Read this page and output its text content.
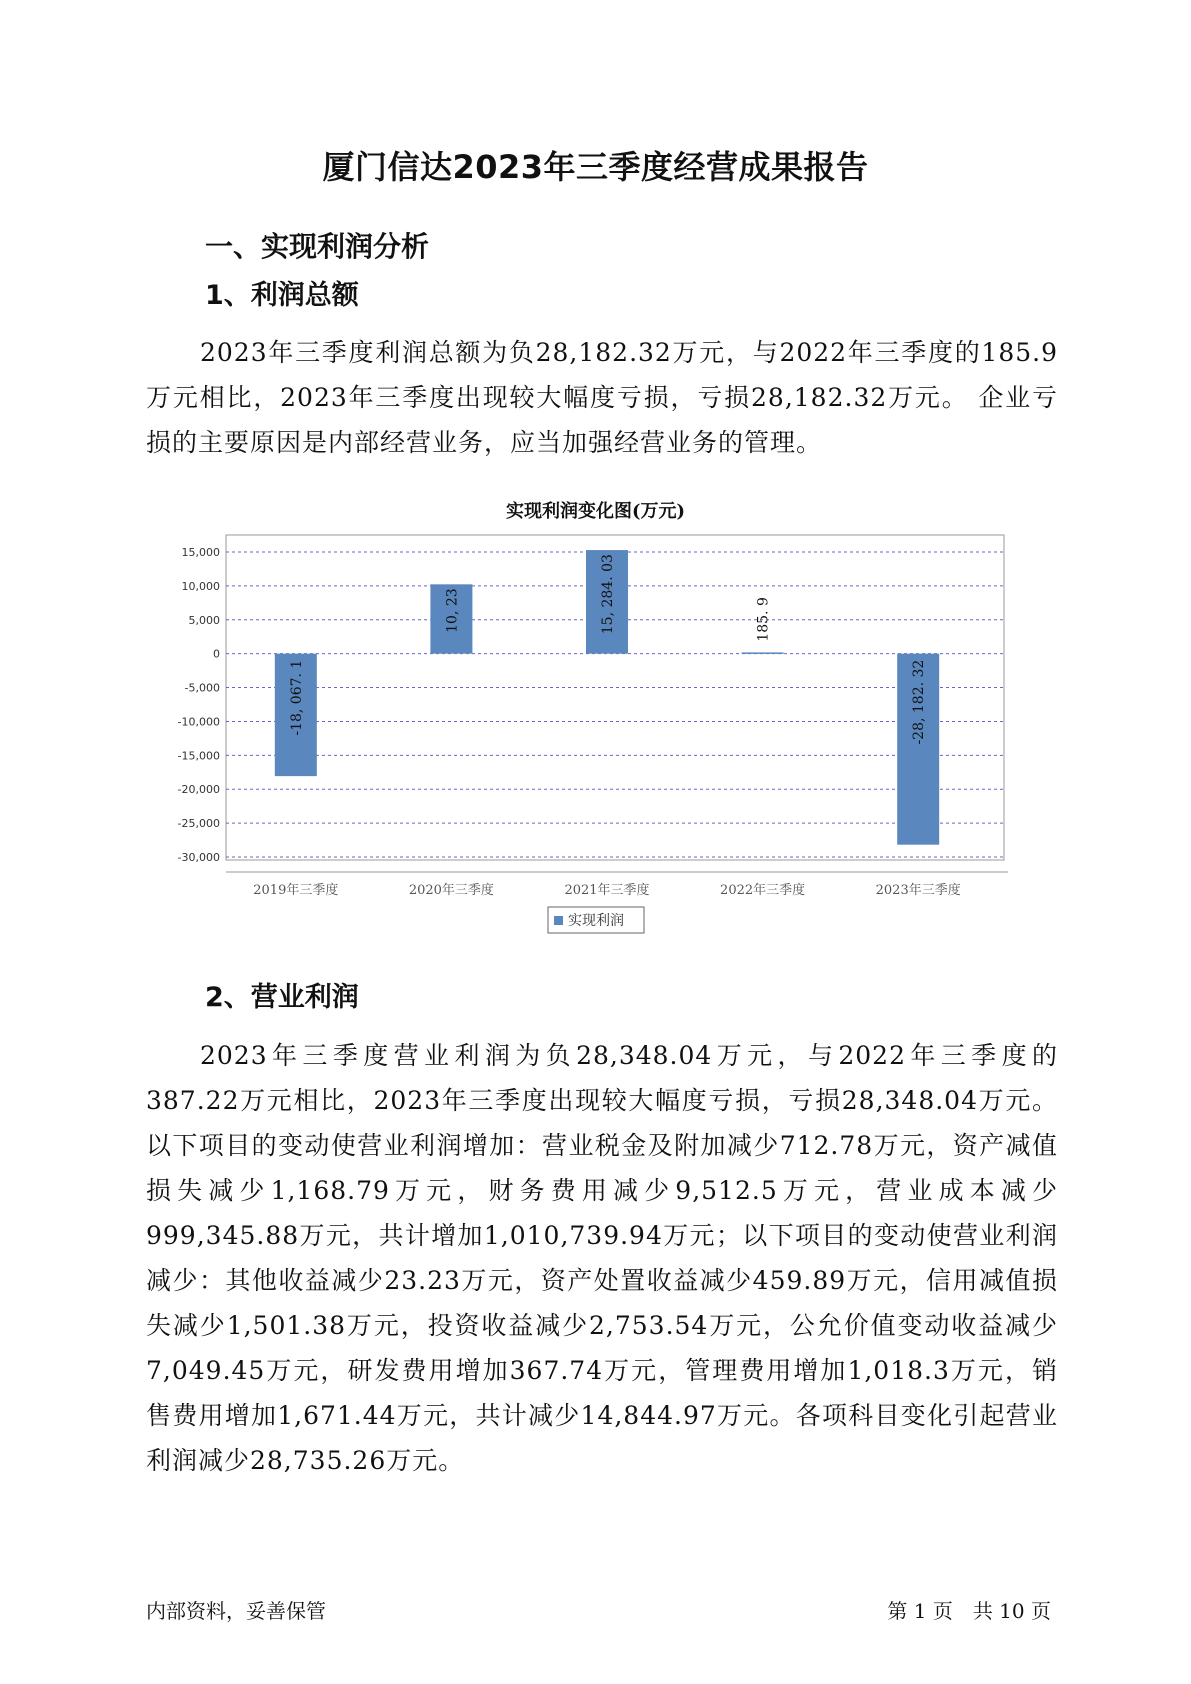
厦门信达2023年三季度经营成果报告
一、实现利润分析
1、利润总额

2023年三季度利润总额为负28,182.32万元，与2022年三季度的185.9万元相比，2023年三季度出现较大幅度亏损，亏损28,182.32万元。 企业亏损的主要原因是内部经营业务，应当加强经营业务的管理。

实现利润变化图(万元)
15,000
10,000
5,000
0
-5,000
-10,000
-15,000
-20,000
-25,000
-30,000
-18, 067. 1
2019年三季度
10, 23
2020年三季度
15, 284. 03
2021年三季度
185. 9
2022年三季度
-28, 182. 32
2023年三季度
实现利润
2、营业利润

2023年三季度营业利润为负28,348.04万元，与2022年三季度的387.22万元相比，2023年三季度出现较大幅度亏损，亏损28,348.04万元。 以下项目的变动使营业利润增加：营业税金及附加减少712.78万元，资产减值损失减少1,168.79万元，财务费用减少9,512.5万元，营业成本减少999,345.88万元，共计增加1,010,739.94万元；以下项目的变动使营业利润减少：其他收益减少23.23万元，资产处置收益减少459.89万元，信用减值损失减少1,501.38万元，投资收益减少2,753.54万元，公允价值变动收益减少7,049.45万元，研发费用增加367.74万元，管理费用增加1,018.3万元，销售费用增加1,671.44万元，共计减少14,844.97万元。各项科目变化引起营业利润减少28,735.26万元。

内部资料，妥善保管	第 1 页　共 10 页
